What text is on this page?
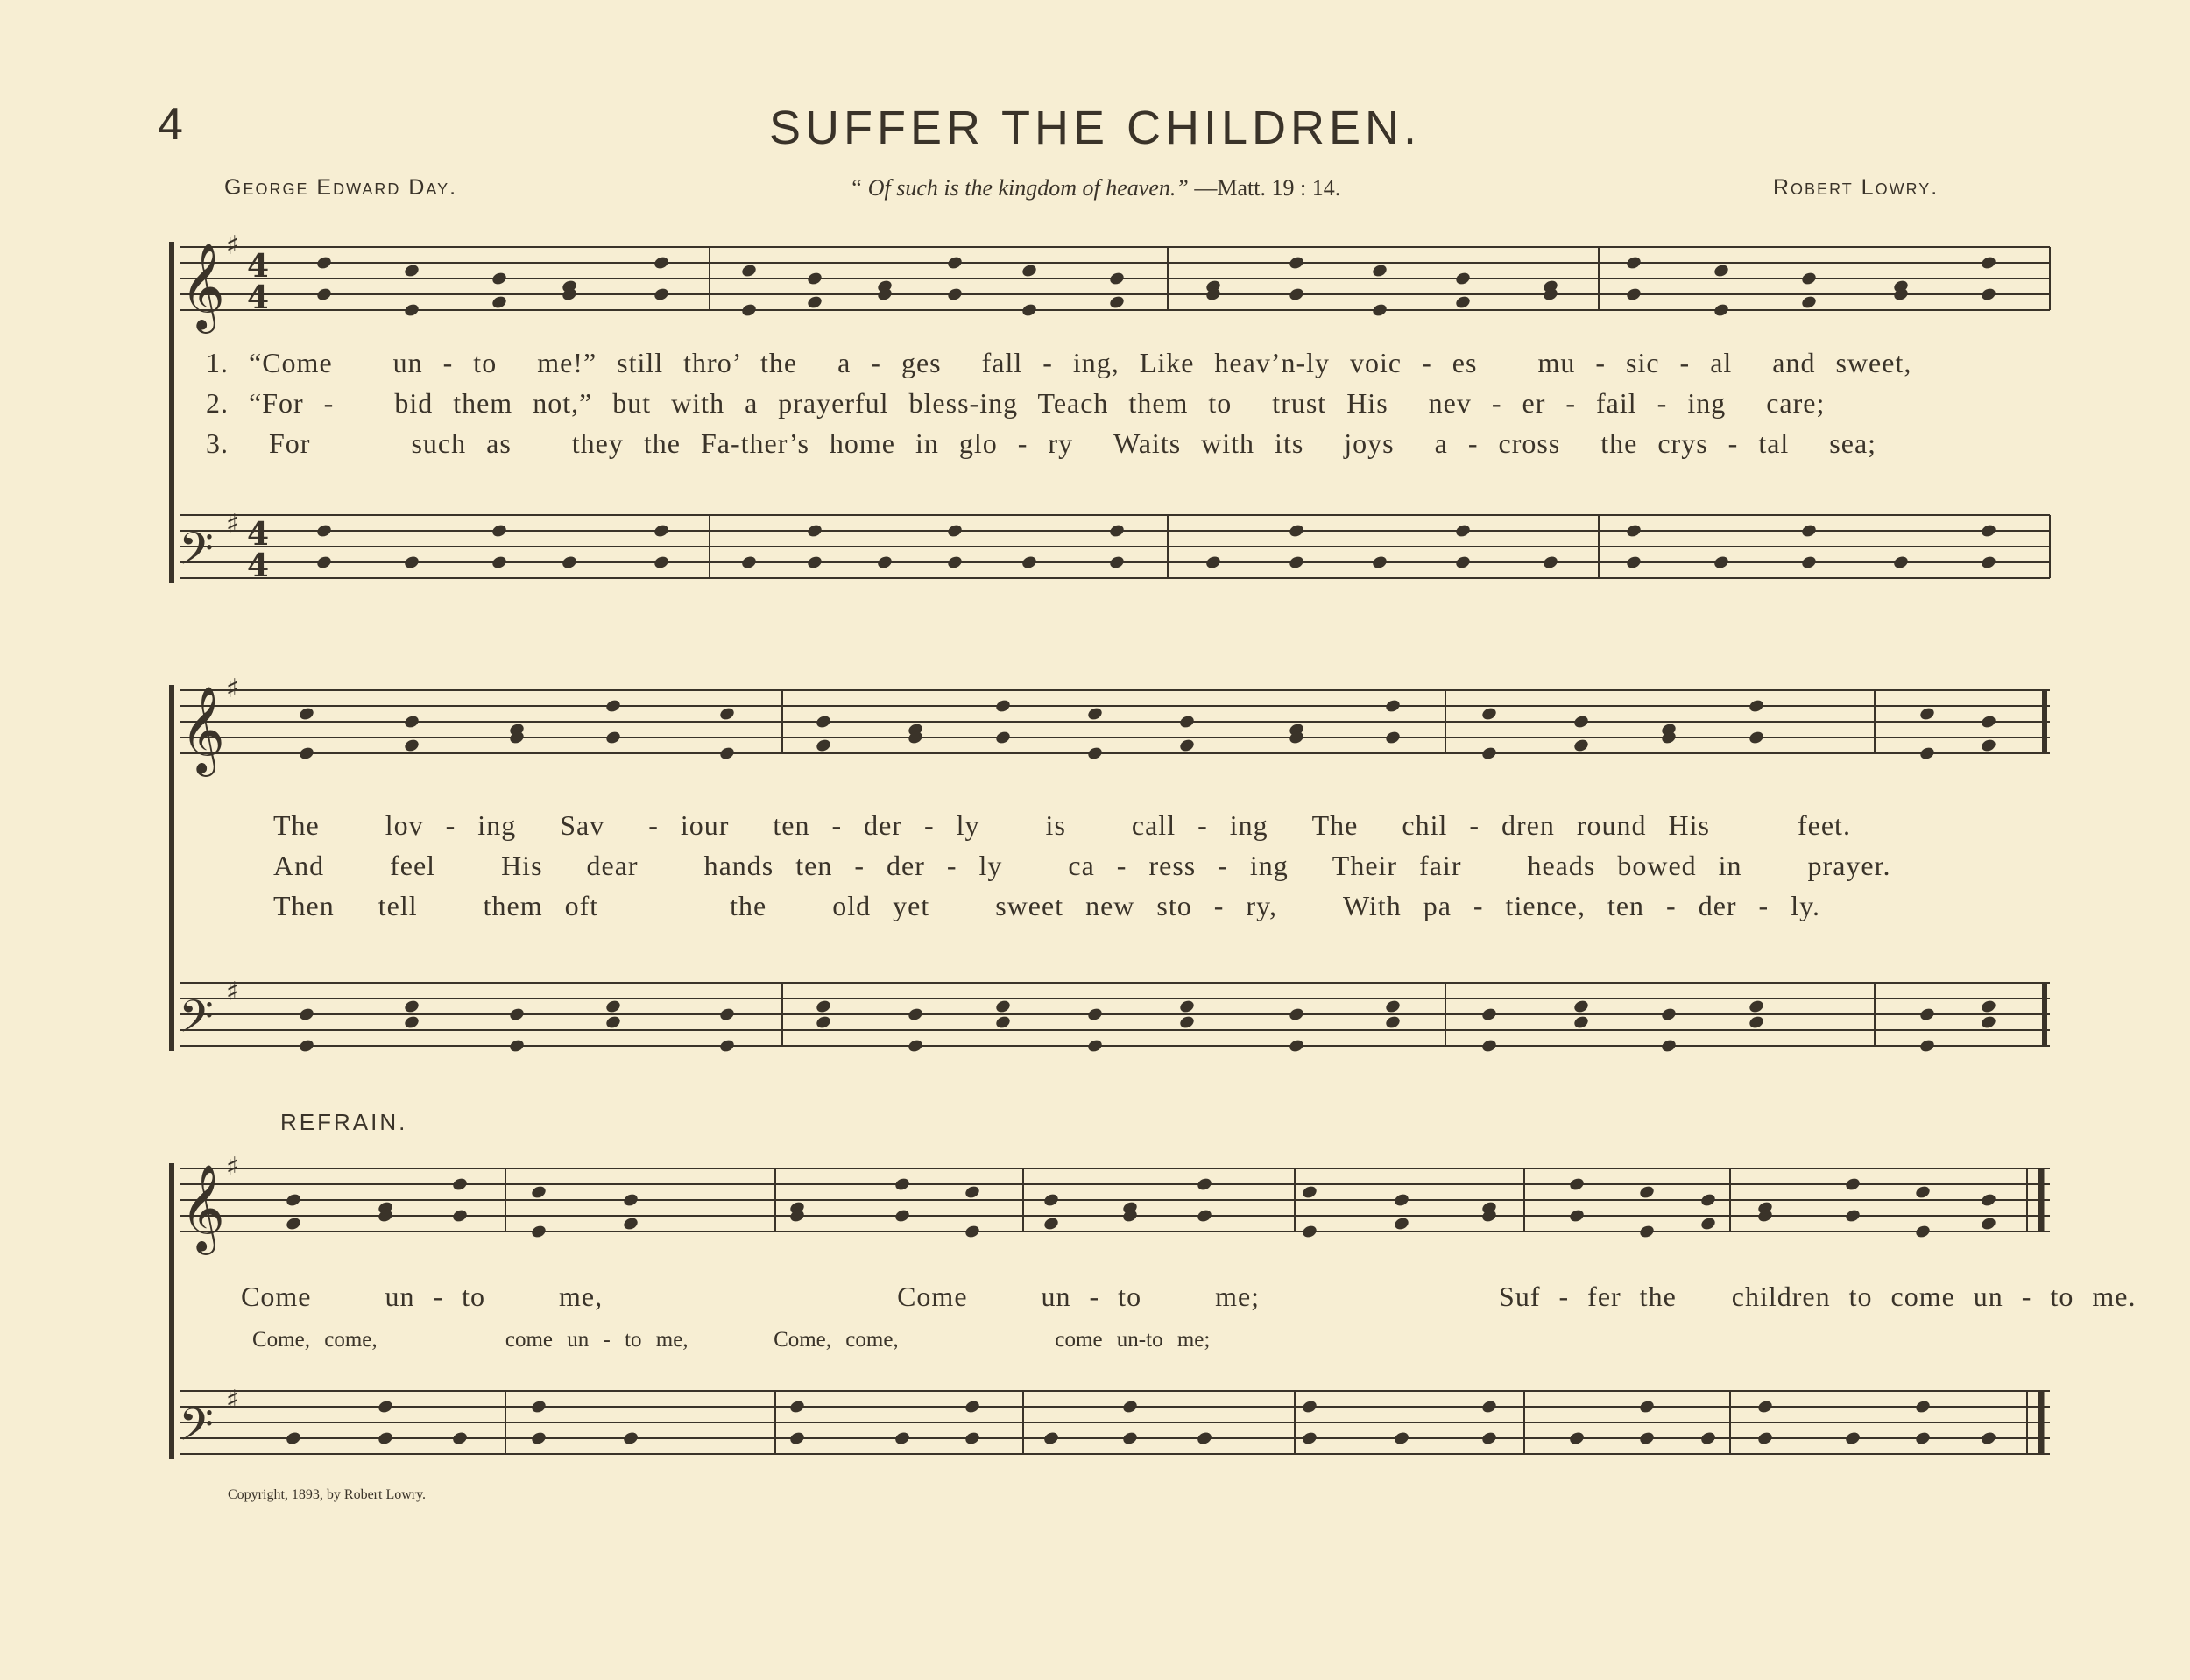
4	SUFFER THE CHILDREN.
George Edward Day.	“ Of such is the kingdom of heaven.” —Matt. 19 : 14.	Robert Lowry.
𝄞
𝄞
𝄞
𝄢
𝄢
𝄢
♯
♯
♯
♯
♯
♯
4
4
4
4
1. “Come un - to me!” still thro’ the a - ges fall - ing, Like heav’n-ly voic - es mu - sic - al and sweet,
2. “For - bid them not,” but with a prayerful bless-ing Teach them to trust His nev - er - fail - ing care;
3. For	such as they the Fa-ther’s home in glo - ry Waits with its joys a - cross the crys - tal sea;
The lov - ing Sav - iour ten - der - ly is call - ing The chil - dren round His	feet.
And feel His dear hands ten - der - ly ca - ress - ing Their fair heads bowed in prayer.
Then tell them oft	the old yet sweet new sto - ry, With pa - tience, ten - der - ly.
REFRAIN.
Come	un - to	me,	Come	un - to	me;	Suf - fer the children to come un - to me.
Come, come,	come un - to me,	Come, come,	come un-to me;
Copyright, 1893, by Robert Lowry.
